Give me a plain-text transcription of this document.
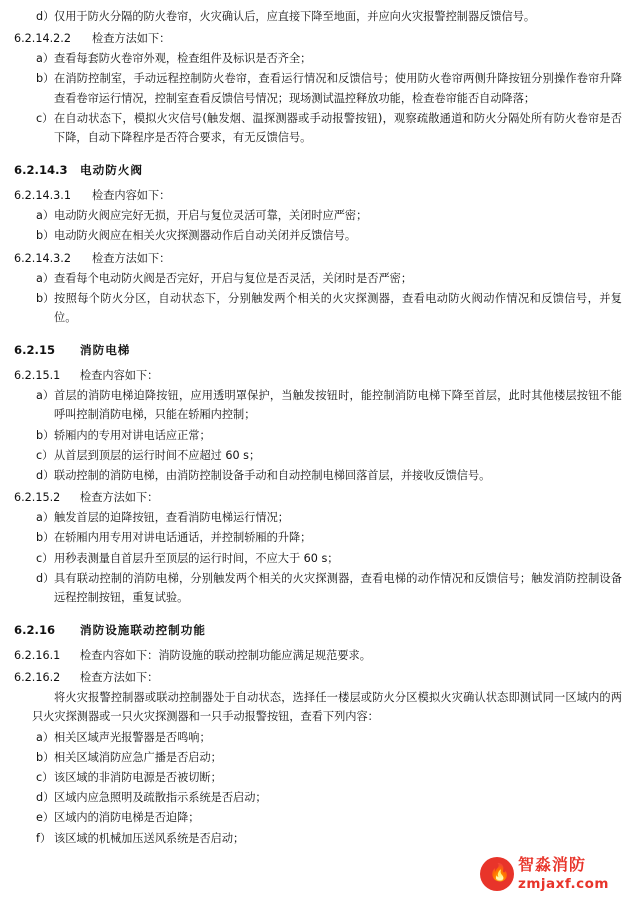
d） 仅用于防火分隔的防火卷帘，火灾确认后，应直接下降至地面，并应向火灾报警控制器反馈信号。
6.2.14.2.2 检查方法如下：
a） 查看每套防火卷帘外观，检查组件及标识是否齐全；
b） 在消防控制室，手动远程控制防火卷帘，查看运行情况和反馈信号；使用防火卷帘两侧升降按钮分别操作卷帘升降查看卷帘运行情况，控制室查看反馈信号情况；现场测试温控释放功能，检查卷帘能否自动降落；
c） 在自动状态下，模拟火灾信号(触发烟、温探测器或手动报警按钮)，观察疏散通道和防火分隔处所有防火卷帘是否下降，自动下降程序是否符合要求，有无反馈信号。
6.2.14.3 电动防火阀
6.2.14.3.1 检查内容如下：
a） 电动防火阀应完好无损，开启与复位灵活可靠，关闭时应严密；
b） 电动防火阀应在相关火灾探测器动作后自动关闭并反馈信号。
6.2.14.3.2 检查方法如下：
a） 查看每个电动防火阀是否完好，开启与复位是否灵活，关闭时是否严密；
b） 按照每个防火分区，自动状态下，分别触发两个相关的火灾探测器，查看电动防火阀动作情况和反馈信号，并复位。
6.2.15 消防电梯
6.2.15.1 检查内容如下：
a） 首层的消防电梯迫降按钮，应用透明罩保护，当触发按钮时，能控制消防电梯下降至首层，此时其他楼层按钮不能呼叫控制消防电梯，只能在轿厢内控制；
b） 轿厢内的专用对讲电话应正常；
c） 从首层到顶层的运行时间不应超过 60 s；
d） 联动控制的消防电梯，由消防控制设备手动和自动控制电梯回落首层，并接收反馈信号。
6.2.15.2 检查方法如下：
a） 触发首层的迫降按钮，查看消防电梯运行情况；
b） 在轿厢内用专用对讲电话通话，并控制轿厢的升降；
c） 用秒表测量自首层升至顶层的运行时间，不应大于 60 s；
d） 具有联动控制的消防电梯，分别触发两个相关的火灾探测器，查看电梯的动作情况和反馈信号；触发消防控制设备远程控制按钮，重复试验。
6.2.16 消防设施联动控制功能
6.2.16.1 检查内容如下：消防设施的联动控制功能应满足规范要求。
6.2.16.2 检查方法如下：
将火灾报警控制器或联动控制器处于自动状态，选择任一楼层或防火分区模拟火灾确认状态即测试同一区域内的两只火灾探测器或一只火灾探测器和一只手动报警按钮，查看下列内容：
a） 相关区域声光报警器是否鸣响；
b） 相关区域消防应急广播是否启动；
c） 该区域的非消防电源是否被切断；
d） 区域内应急照明及疏散指示系统是否启动；
e） 区域内的消防电梯是否迫降；
f） 该区域的机械加压送风系统是否启动；
🔥 智淼消防
zmjaxf.com
